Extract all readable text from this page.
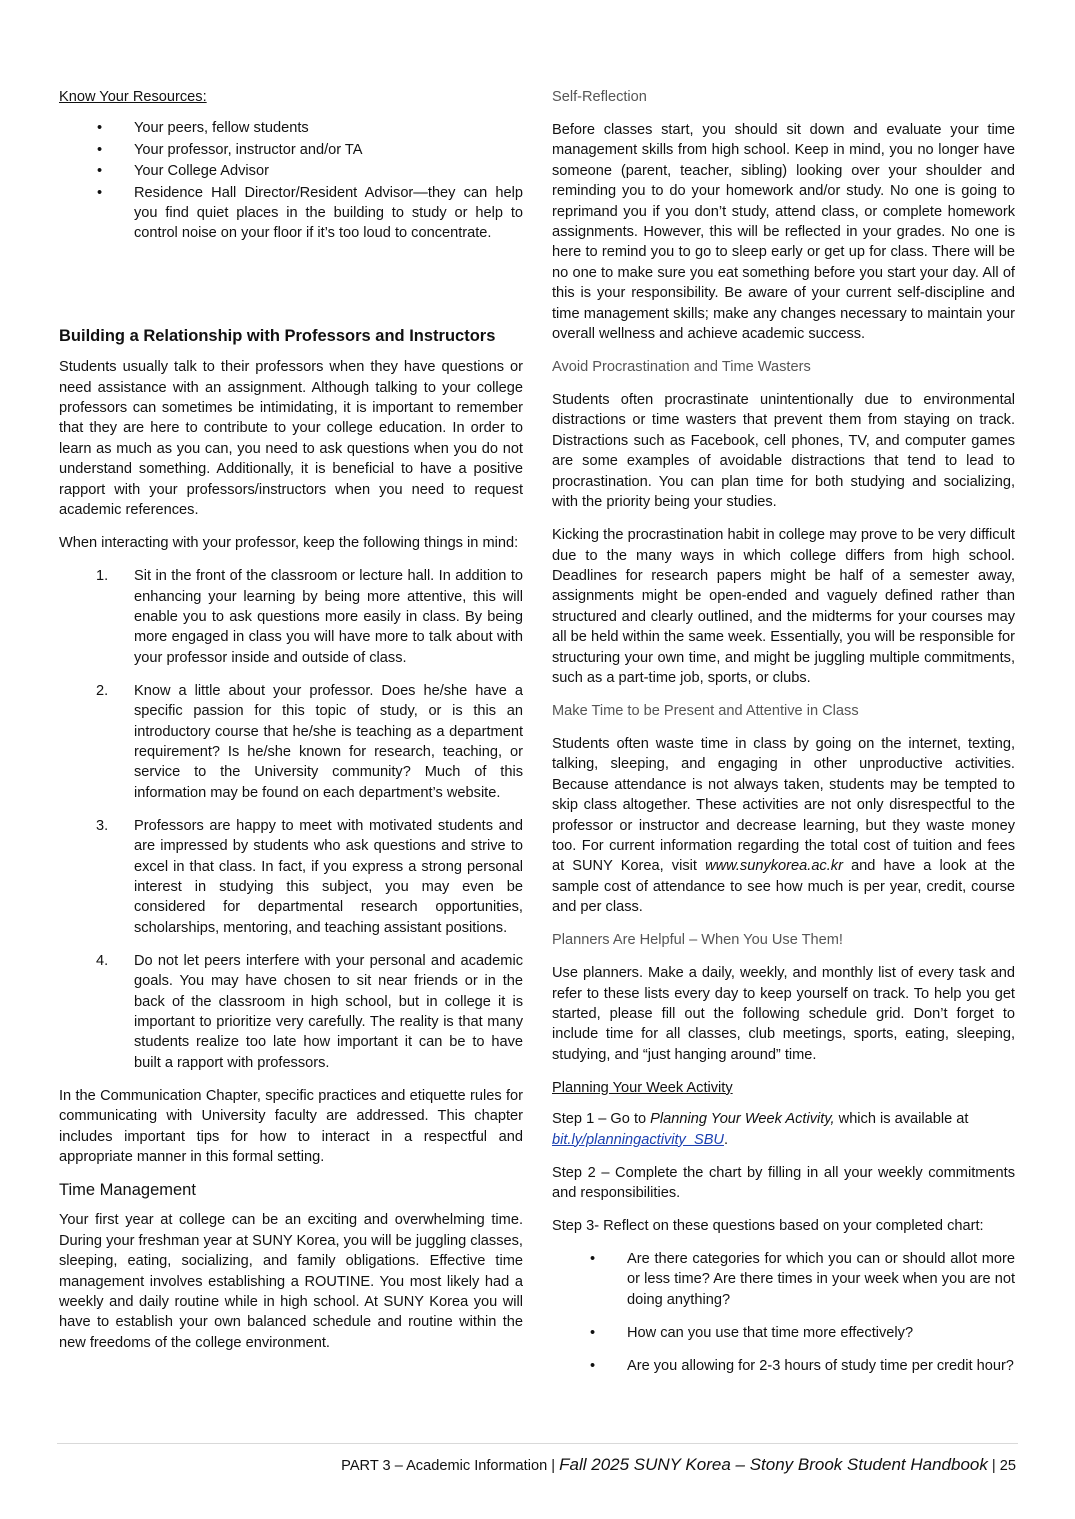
Know Your Resources:

• Your peers, fellow students
• Your professor, instructor and/or TA
• Your College Advisor
• Residence Hall Director/Resident Advisor—they can help you find quiet places in the building to study or help to control noise on your floor if it’s too loud to concentrate.
Building a Relationship with Professors and Instructors

Students usually talk to their professors when they have questions or need assistance with an assignment. Although talking to your college professors can sometimes be intimidating, it is important to remember that they are here to contribute to your college education. In order to learn as much as you can, you need to ask questions when you do not understand something. Additionally, it is beneficial to have a positive rapport with your professors/instructors when you need to request academic references.

When interacting with your professor, keep the following things in mind:

1. Sit in the front of the classroom or lecture hall. In addition to enhancing your learning by being more attentive, this will enable you to ask questions more easily in class. By being more engaged in class you will have more to talk about with your professor inside and outside of class.
2. Know a little about your professor. Does he/she have a specific passion for this topic of study, or is this an introductory course that he/she is teaching as a department requirement? Is he/she known for research, teaching, or service to the University community? Much of this information may be found on each department’s website.
3. Professors are happy to meet with motivated students and are impressed by students who ask questions and strive to excel in that class. In fact, if you express a strong personal interest in studying this subject, you may even be considered for departmental research opportunities, scholarships, mentoring, and teaching assistant positions.
4. Do not let peers interfere with your personal and academic goals. You may have chosen to sit near friends or in the back of the classroom in high school, but in college it is important to prioritize very carefully. The reality is that many students realize too late how important it can be to have built a rapport with professors.

In the Communication Chapter, specific practices and etiquette rules for communicating with University faculty are addressed. This chapter includes important tips for how to interact in a respectful and appropriate manner in this formal setting.

Time Management

Your first year at college can be an exciting and overwhelming time. During your freshman year at SUNY Korea, you will be juggling classes, sleeping, eating, socializing, and family obligations. Effective time management involves establishing a ROUTINE. You most likely had a weekly and daily routine while in high school. At SUNY Korea you will have to establish your own balanced schedule and routine within the new freedoms of the college environment.

Self-Reflection

Before classes start, you should sit down and evaluate your time management skills from high school. Keep in mind, you no longer have someone (parent, teacher, sibling) looking over your shoulder and reminding you to do your homework and/or study. No one is going to reprimand you if you don’t study, attend class, or complete homework assignments. However, this will be reflected in your grades. No one is here to remind you to go to sleep early or get up for class. There will be no one to make sure you eat something before you start your day. All of this is your responsibility. Be aware of your current self-discipline and time management skills; make any changes necessary to maintain your overall wellness and achieve academic success.

Avoid Procrastination and Time Wasters

Students often procrastinate unintentionally due to environmental distractions or time wasters that prevent them from staying on track. Distractions such as Facebook, cell phones, TV, and computer games are some examples of avoidable distractions that tend to lead to procrastination. You can plan time for both studying and socializing, with the priority being your studies.

Kicking the procrastination habit in college may prove to be very difficult due to the many ways in which college differs from high school. Deadlines for research papers might be half of a semester away, assignments might be open-ended and vaguely defined rather than structured and clearly outlined, and the midterms for your courses may all be held within the same week. Essentially, you will be responsible for structuring your own time, and might be juggling multiple commitments, such as a part-time job, sports, or clubs.

Make Time to be Present and Attentive in Class

Students often waste time in class by going on the internet, texting, talking, sleeping, and engaging in other unproductive activities. Because attendance is not always taken, students may be tempted to skip class altogether. These activities are not only disrespectful to the professor or instructor and decrease learning, but they waste money too. For current information regarding the total cost of tuition and fees at SUNY Korea, visit www.sunykorea.ac.kr and have a look at the sample cost of attendance to see how much is per year, credit, course and per class.

Planners Are Helpful – When You Use Them!

Use planners. Make a daily, weekly, and monthly list of every task and refer to these lists every day to keep yourself on track. To help you get started, please fill out the following schedule grid. Don’t forget to include time for all classes, club meetings, sports, eating, sleeping, studying, and “just hanging around” time.

Planning Your Week Activity

Step 1 – Go to Planning Your Week Activity, which is available at bit.ly/planningactivity_SBU.

Step 2 – Complete the chart by filling in all your weekly commitments and responsibilities.

Step 3- Reflect on these questions based on your completed chart:

• Are there categories for which you can or should allot more or less time? Are there times in your week when you are not doing anything?
• How can you use that time more effectively?
• Are you allowing for 2-3 hours of study time per credit hour?
PART 3 – Academic Information | Fall 2025 SUNY Korea – Stony Brook Student Handbook | 25
